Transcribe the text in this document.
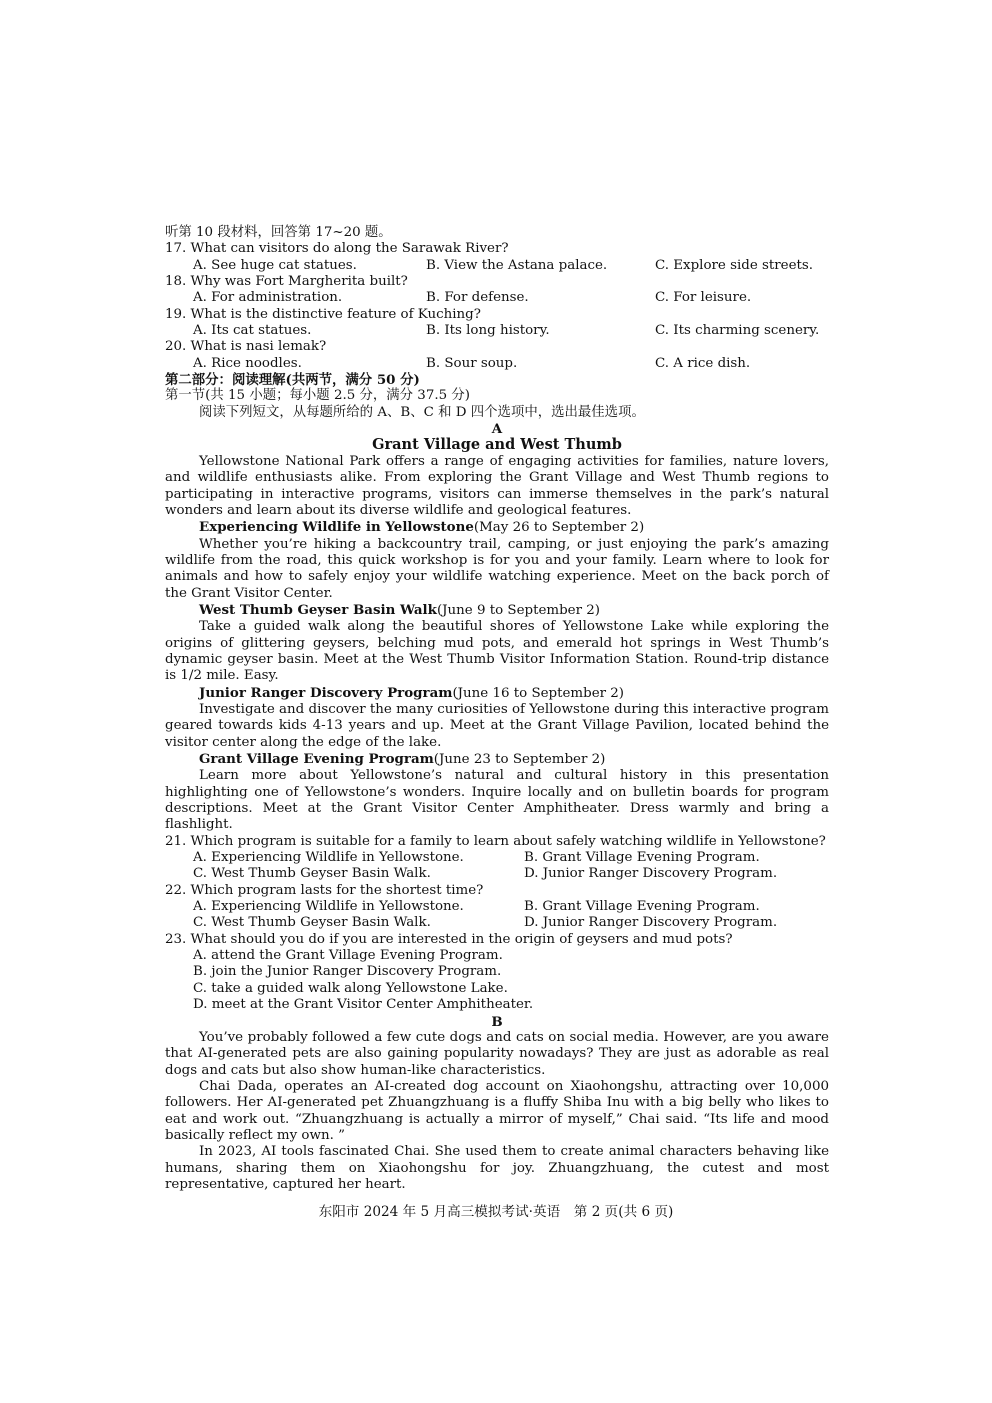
听第 10 段材料，回答第 17~20 题。
17. What can visitors do along the Sarawak River?
A. See huge cat statues.	B. View the Astana palace.	C. Explore side streets.
18. Why was Fort Margherita built?
A. For administration.	B. For defense.	C. For leisure.
19. What is the distinctive feature of Kuching?
A. Its cat statues.	B. Its long history.	C. Its charming scenery.
20. What is nasi lemak?
A. Rice noodles.	B. Sour soup.	C. A rice dish.
第二部分：阅读理解(共两节，满分 50 分)
第一节(共 15 小题；每小题 2.5 分，满分 37.5 分)
阅读下列短文，从每题所给的 A、B、C 和 D 四个选项中，选出最佳选项。
A
Grant Village and West Thumb
Yellowstone National Park offers a range of engaging activities for families, nature lovers, and wildlife enthusiasts alike. From exploring the Grant Village and West Thumb regions to participating in interactive programs, visitors can immerse themselves in the park’s natural wonders and learn about its diverse wildlife and geological features.
Experiencing Wildlife in Yellowstone(May 26 to September 2)
Whether you’re hiking a backcountry trail, camping, or just enjoying the park’s amazing wildlife from the road, this quick workshop is for you and your family. Learn where to look for animals and how to safely enjoy your wildlife watching experience. Meet on the back porch of the Grant Visitor Center.
West Thumb Geyser Basin Walk(June 9 to September 2)
Take a guided walk along the beautiful shores of Yellowstone Lake while exploring the origins of glittering geysers, belching mud pots, and emerald hot springs in West Thumb’s dynamic geyser basin. Meet at the West Thumb Visitor Information Station. Round-trip distance is 1/2 mile. Easy.
Junior Ranger Discovery Program(June 16 to September 2)
Investigate and discover the many curiosities of Yellowstone during this interactive program geared towards kids 4-13 years and up. Meet at the Grant Village Pavilion, located behind the visitor center along the edge of the lake.
Grant Village Evening Program(June 23 to September 2)
Learn more about Yellowstone’s natural and cultural history in this presentation highlighting one of Yellowstone’s wonders. Inquire locally and on bulletin boards for program descriptions. Meet at the Grant Visitor Center Amphitheater. Dress warmly and bring a flashlight.
21. Which program is suitable for a family to learn about safely watching wildlife in Yellowstone?
A. Experiencing Wildlife in Yellowstone.	B. Grant Village Evening Program.
C. West Thumb Geyser Basin Walk.	D. Junior Ranger Discovery Program.
22. Which program lasts for the shortest time?
A. Experiencing Wildlife in Yellowstone.	B. Grant Village Evening Program.
C. West Thumb Geyser Basin Walk.	D. Junior Ranger Discovery Program.
23. What should you do if you are interested in the origin of geysers and mud pots?
A. attend the Grant Village Evening Program.
B. join the Junior Ranger Discovery Program.
C. take a guided walk along Yellowstone Lake.
D. meet at the Grant Visitor Center Amphitheater.
B
You’ve probably followed a few cute dogs and cats on social media. However, are you aware that AI-generated pets are also gaining popularity nowadays? They are just as adorable as real dogs and cats but also show human-like characteristics.
Chai Dada, operates an AI-created dog account on Xiaohongshu, attracting over 10,000 followers. Her AI-generated pet Zhuangzhuang is a fluffy Shiba Inu with a big belly who likes to eat and work out. “Zhuangzhuang is actually a mirror of myself,” Chai said. “Its life and mood basically reflect my own. ”
In 2023, AI tools fascinated Chai. She used them to create animal characters behaving like humans, sharing them on Xiaohongshu for joy. Zhuangzhuang, the cutest and most representative, captured her heart.
东阳市 2024 年 5 月高三模拟考试·英语　第 2 页(共 6 页)
